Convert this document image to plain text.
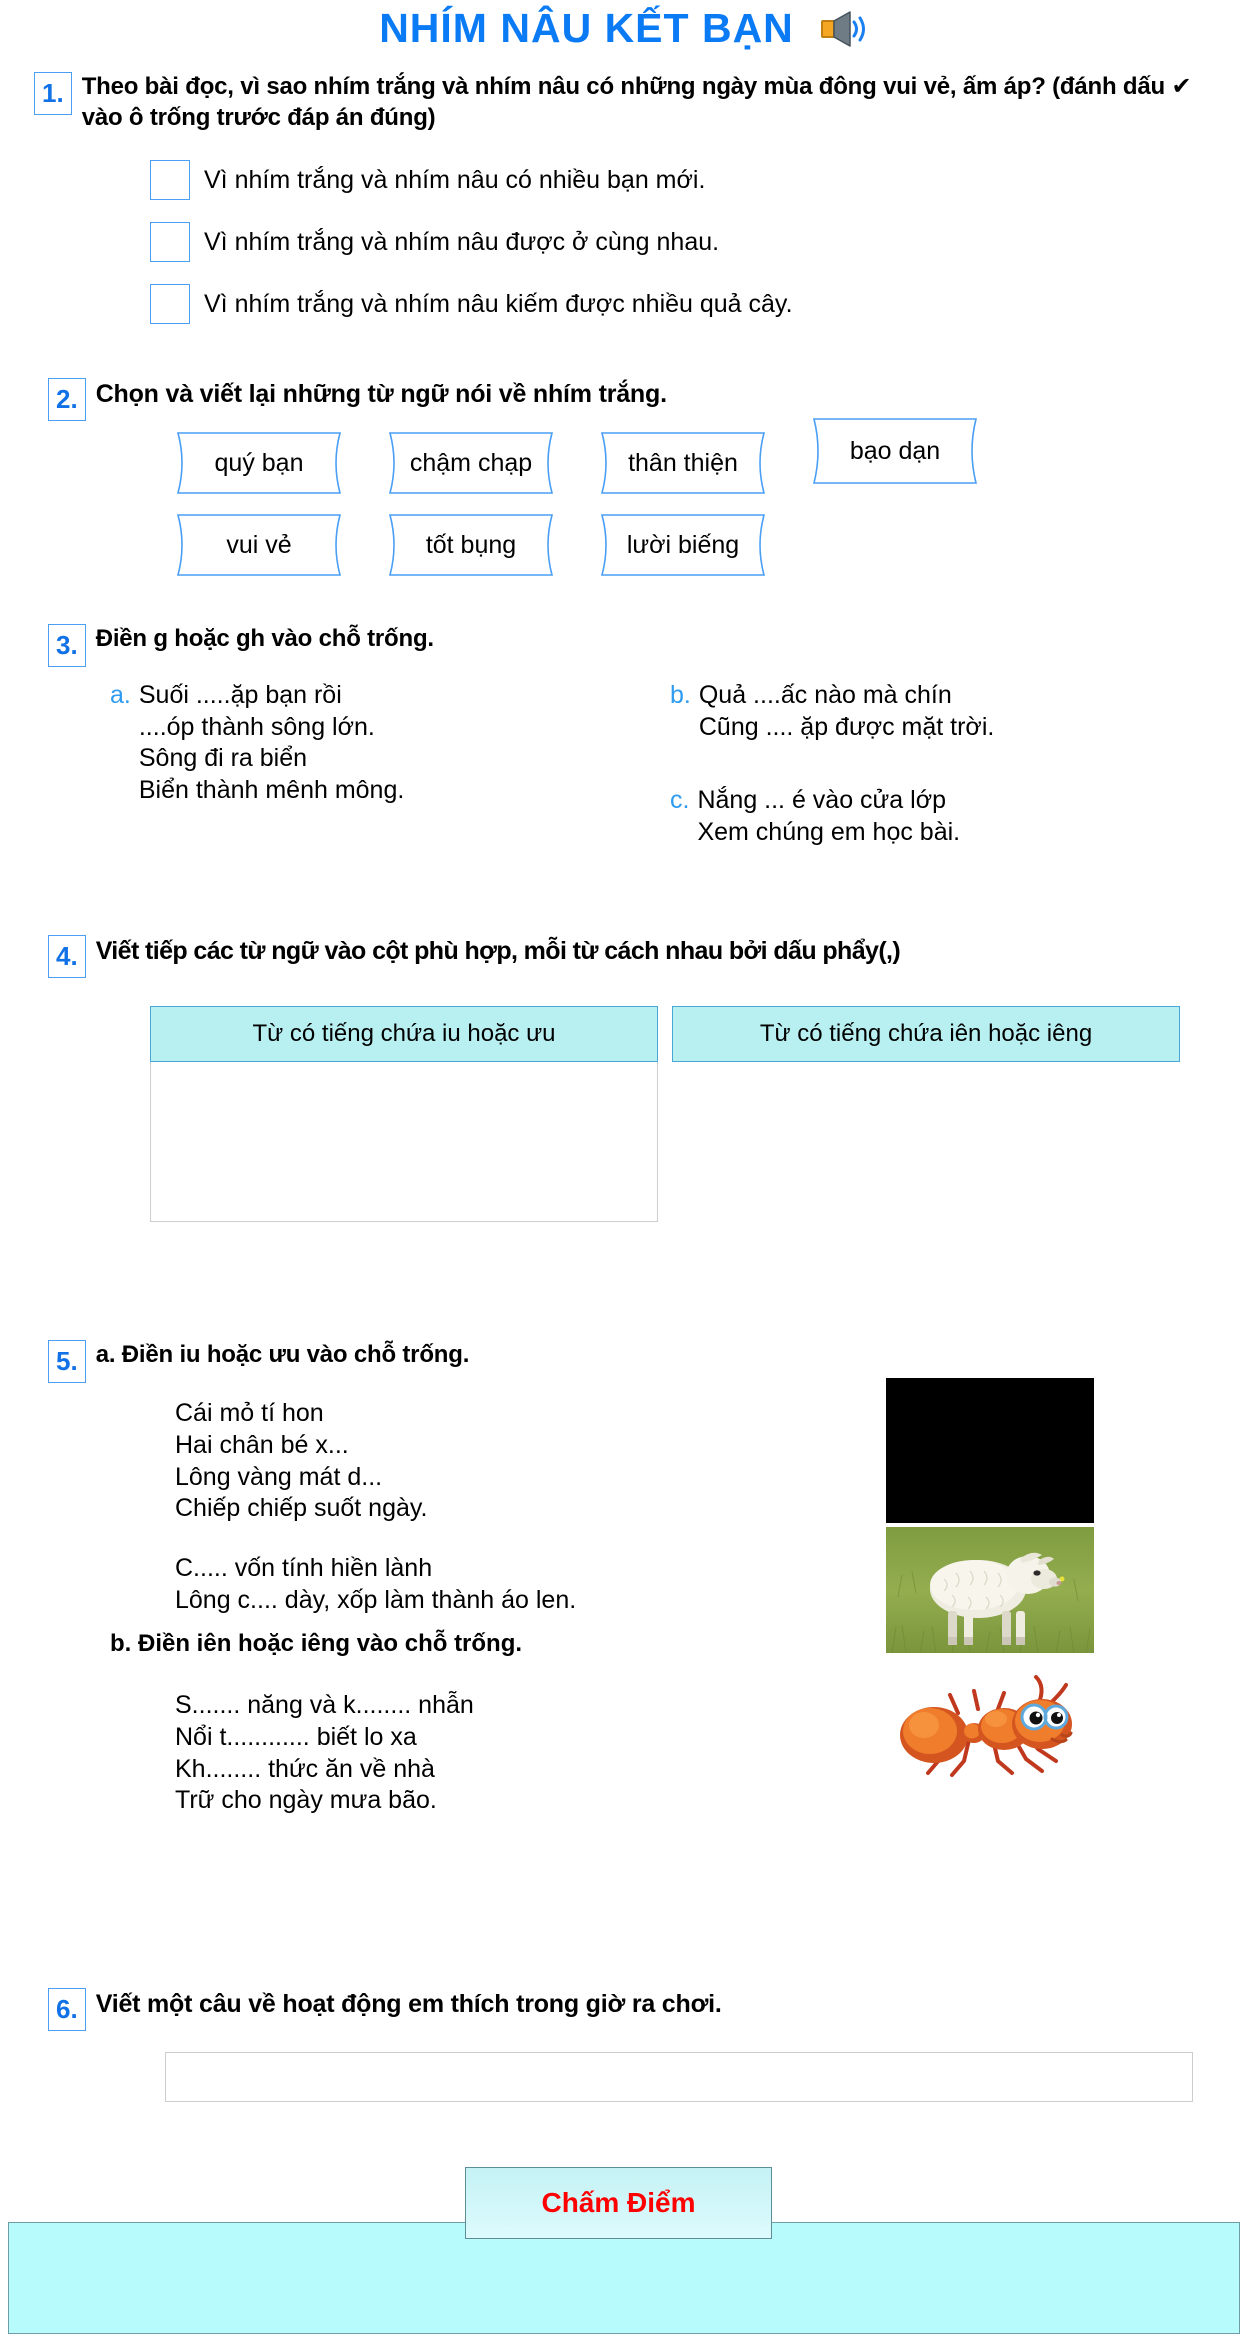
NHÍM NÂU KẾT BẠN
1. Theo bài đọc, vì sao nhím trắng và nhím nâu có những ngày mùa đông vui vẻ, ấm áp? (đánh dấu ✔ vào ô trống trước đáp án đúng)
Vì nhím trắng và nhím nâu có nhiều bạn mới.
Vì nhím trắng và nhím nâu được ở cùng nhau.
Vì nhím trắng và nhím nâu kiếm được nhiều quả cây.
2. Chọn và viết lại những từ ngữ nói về nhím trắng.
quý bạn	chậm chạp	thân thiện	bạo dạn
vui vẻ	tốt bụng	lười biếng
3. Điền g hoặc gh vào chỗ trống.
a. Suối .....ặp bạn rồi
....óp thành sông lớn.
Sông đi ra biển
Biển thành mênh mông.
b. Quả ....ấc nào mà chín
Cũng .... ặp được mặt trời.
c. Nắng ... é vào cửa lớp
Xem chúng em học bài.
4. Viết tiếp các từ ngữ vào cột phù hợp, mỗi từ cách nhau bởi dấu phẩy(,)
Từ có tiếng chứa iu hoặc ưu	Từ có tiếng chứa iên hoặc iêng
5. a. Điền iu hoặc ưu vào chỗ trống.
Cái mỏ tí hon
Hai chân bé x...
Lông vàng mát d...
Chiếp chiếp suốt ngày.
C..... vốn tính hiền lành
Lông c.... dày, xốp làm thành áo len.
b. Điền iên hoặc iêng vào chỗ trống.
S....... năng và k........ nhẫn
Nổi t............ biết lo xa
Kh........ thức ăn về nhà
Trữ cho ngày mưa bão.
6. Viết một câu về hoạt động em thích trong giờ ra chơi.
Chấm Điểm
